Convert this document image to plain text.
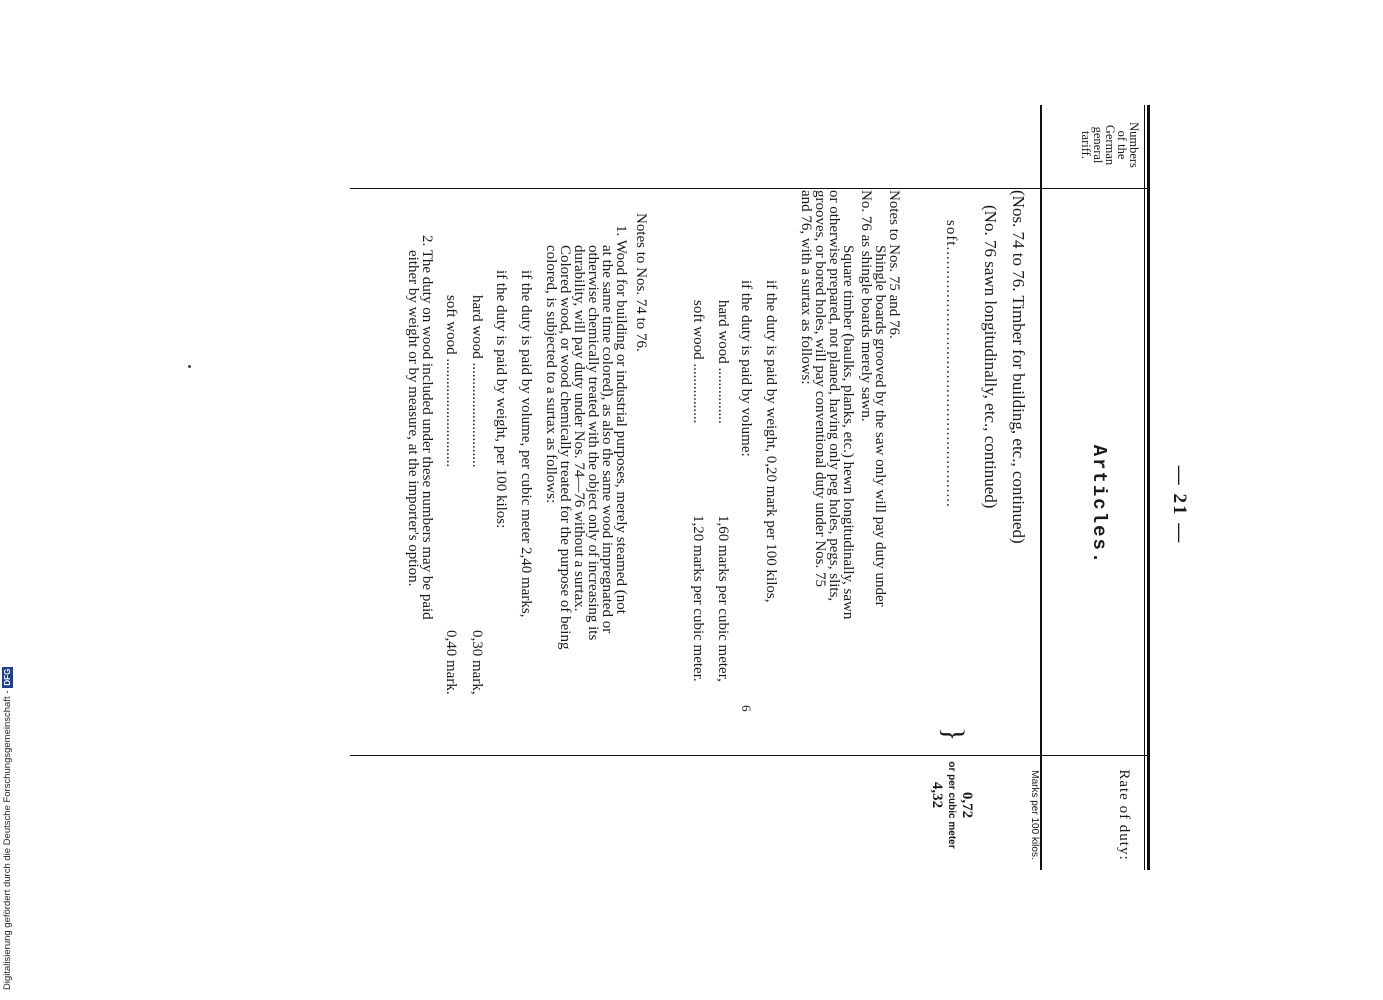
— 21 —
Numbers
of the
German
general
tariff.
Articles.
Rate of duty:
Marks per 100 kilos.
(Nos. 74 to 76. Timber for building, etc., continued)
(No. 76 sawn longitudinally, etc., continued)
soft.......................................................
}
0,72
or per cubic meter
4,32
Notes to Nos. 75 and 76.
Shingle boards grooved by the saw only will pay duty under
No. 76 as shingle boards merely sawn.
Square timber (baulks, planks, etc.) hewn longitudinally, sawn
or otherwise prepared, not planed, having only peg holes, pegs, slits,
grooves, or bored holes, will pay conventional duty under Nos. 75
and 76, with a surtax as follows:
if the duty is paid by weight, 0,20 mark per 100 kilos,
if the duty is paid by volume:
hard wood ...............
1,60 marks per cubic meter,
soft wood ................
1,20 marks per cubic meter.
Notes to Nos. 74 to 76.
1. Wood for building or industrial purposes, merely steamed (not
at the same time colored), as also the same wood impregnated or
otherwise chemically treated with the object only of increasing its
durability, will pay duty under Nos. 74—76 without a surtax.
Colored wood, or wood chemically treated for the purpose of being
colored, is subjected to a surtax as follows:
if the duty is paid by volume, per cubic meter 2,40 marks,
if the duty is paid by weight, per 100 kilos:
hard wood ............................
0,30 mark,
soft wood .............................
0,40 mark.
2. The duty on wood included under these numbers may be paid
either by weight or by measure, at the importer's option.
6
Digitalisierung gefördert durch die Deutsche Forschungsgemeinschaft -DFG
